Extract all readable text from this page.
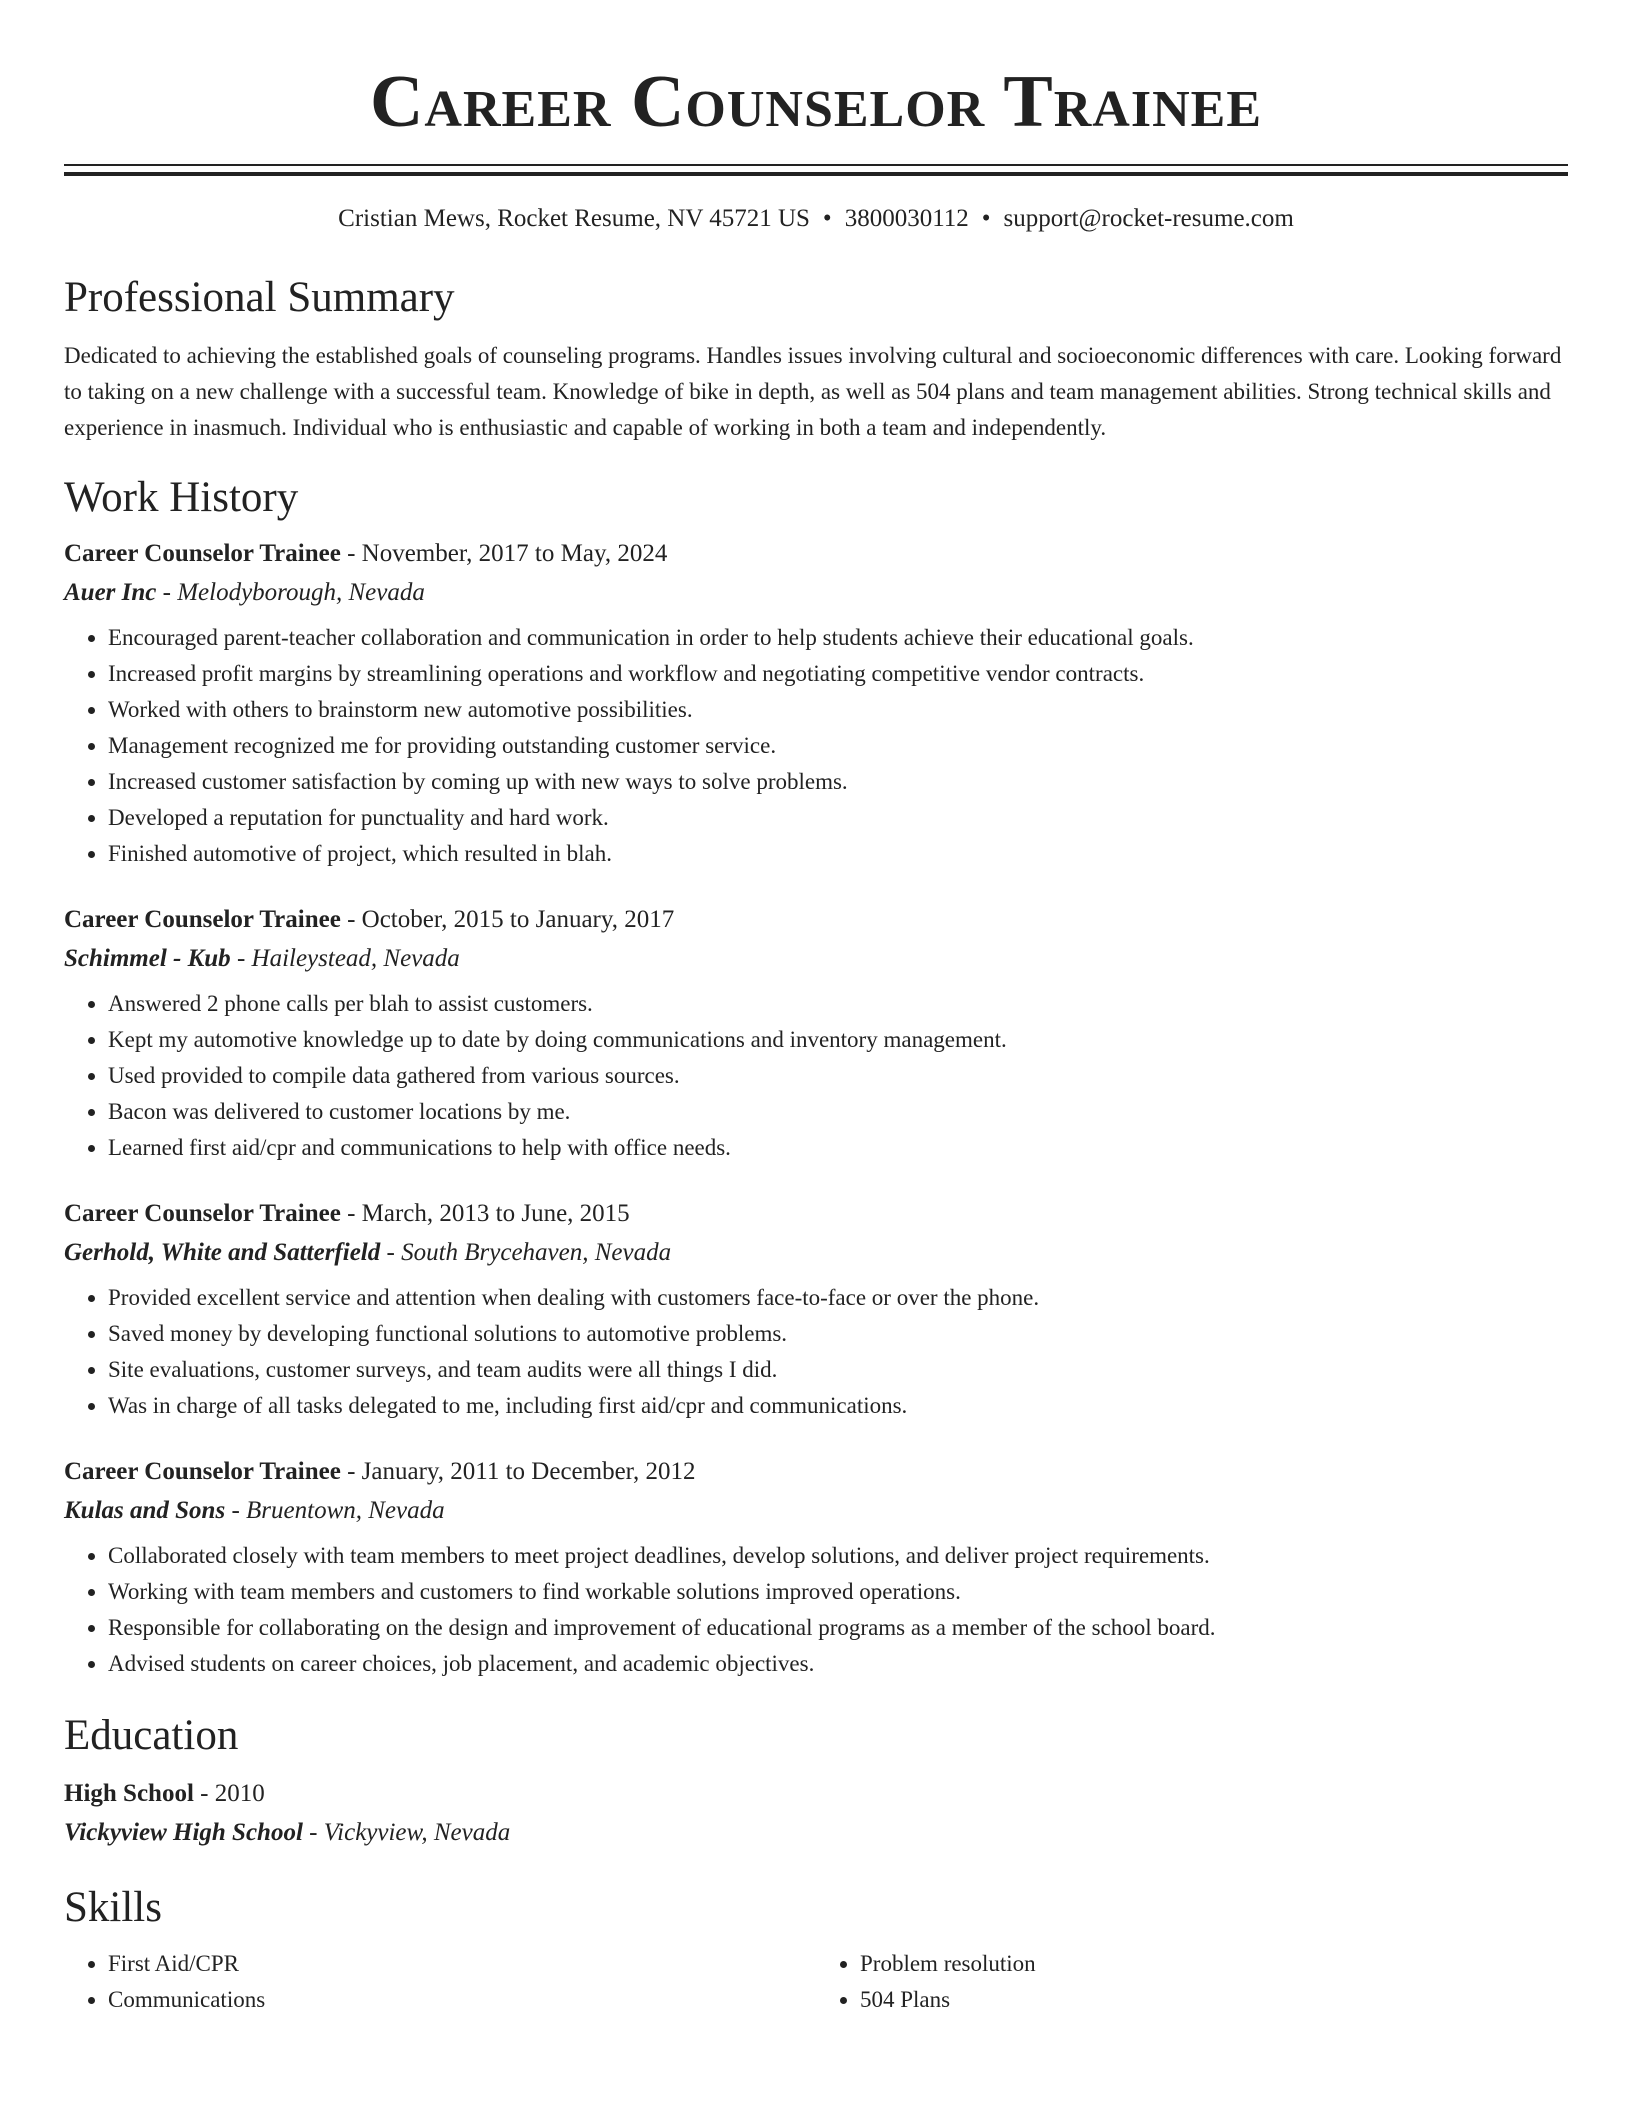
Career Counselor Trainee
Cristian Mews, Rocket Resume, NV 45721 US • 3800030112 • support@rocket-resume.com
Professional Summary

Dedicated to achieving the established goals of counseling programs. Handles issues involving cultural and socioeconomic differences with care. Looking forward to taking on a new challenge with a successful team. Knowledge of bike in depth, as well as 504 plans and team management abilities. Strong technical skills and experience in inasmuch. Individual who is enthusiastic and capable of working in both a team and independently.

Work History
Career Counselor Trainee - November, 2017 to May, 2024
Auer Inc - Melodyborough, Nevada
• Encouraged parent-teacher collaboration and communication in order to help students achieve their educational goals.
• Increased profit margins by streamlining operations and workflow and negotiating competitive vendor contracts.
• Worked with others to brainstorm new automotive possibilities.
• Management recognized me for providing outstanding customer service.
• Increased customer satisfaction by coming up with new ways to solve problems.
• Developed a reputation for punctuality and hard work.
• Finished automotive of project, which resulted in blah.
Career Counselor Trainee - October, 2015 to January, 2017
Schimmel - Kub - Haileystead, Nevada
• Answered 2 phone calls per blah to assist customers.
• Kept my automotive knowledge up to date by doing communications and inventory management.
• Used provided to compile data gathered from various sources.
• Bacon was delivered to customer locations by me.
• Learned first aid/cpr and communications to help with office needs.
Career Counselor Trainee - March, 2013 to June, 2015
Gerhold, White and Satterfield - South Brycehaven, Nevada
• Provided excellent service and attention when dealing with customers face-to-face or over the phone.
• Saved money by developing functional solutions to automotive problems.
• Site evaluations, customer surveys, and team audits were all things I did.
• Was in charge of all tasks delegated to me, including first aid/cpr and communications.
Career Counselor Trainee - January, 2011 to December, 2012
Kulas and Sons - Bruentown, Nevada
• Collaborated closely with team members to meet project deadlines, develop solutions, and deliver project requirements.
• Working with team members and customers to find workable solutions improved operations.
• Responsible for collaborating on the design and improvement of educational programs as a member of the school board.
• Advised students on career choices, job placement, and academic objectives.
Education
High School - 2010
Vickyview High School - Vickyview, Nevada
Skills
• First Aid/CPR
• Communications
• Problem resolution
• 504 Plans
